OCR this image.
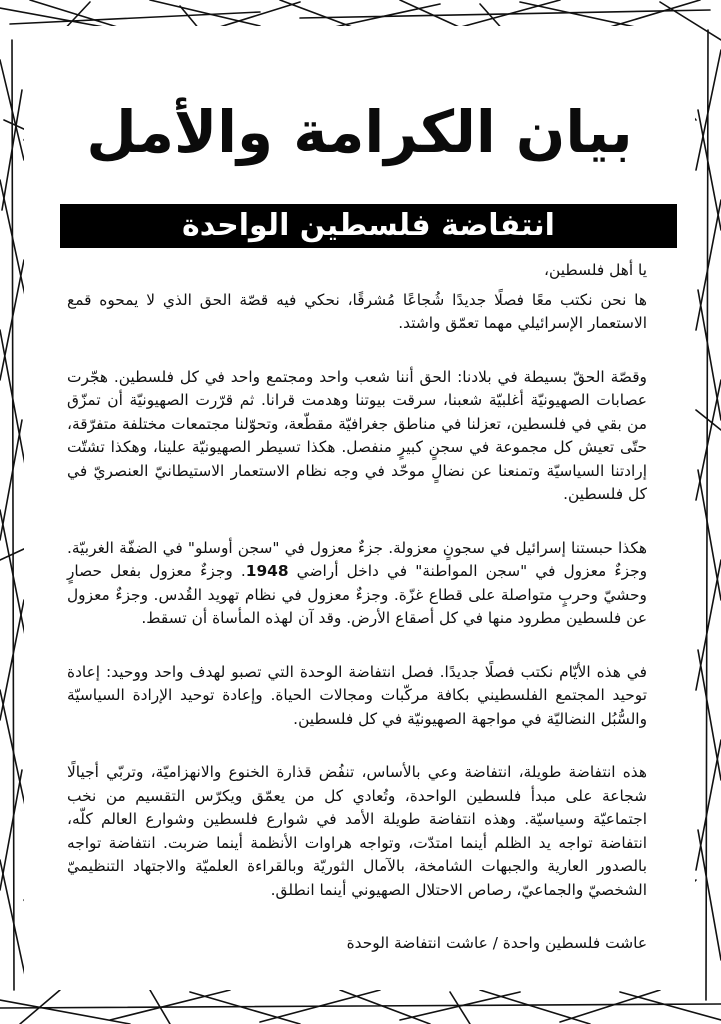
بيان الكرامة والأمل
انتفاضة فلسطين الواحدة

يا أهل فلسطين،

ها نحن نكتب معًا فصلًا جديدًا شُجاعًا مُشرقًا، نحكي فيه قصّة الحق الذي لا يمحوه قمع الاستعمار الإسرائيلي مهما تعمّق واشتد.

وقصّة الحقّ بسيطة في بلادنا: الحق أننا شعب واحد ومجتمع واحد في كل فلسطين. هجّرت عصابات الصهيونيّة أغلبيّة شعبنا، سرقت بيوتنا وهدمت قرانا. ثم قرّرت الصهيونيّة أن تمزّق من بقي في فلسطين، تعزلنا في مناطق جغرافيّة مقطّعة، وتحوّلنا مجتمعات مختلفة متفرّقة، حتّى تعيش كل مجموعة في سجنٍ كبيرٍ منفصل. هكذا تسيطر الصهيونيّة علينا، وهكذا تشتّت إرادتنا السياسيّة وتمنعنا عن نضالٍ موحّد في وجه نظام الاستعمار الاستيطانيّ العنصريّ في كل فلسطين.

هكذا حبستنا إسرائيل في سجونٍ معزولة. جزءٌ معزول في "سجن أوسلو" في الضفّة الغربيّة. وجزءٌ معزول في "سجن المواطنة" في داخل أراضي 1948. وجزءٌ معزول بفعل حصارٍ وحشيّ وحربٍ متواصلة على قطاع غزّة. وجزءٌ معزول في نظام تهويد القُدس. وجزءٌ معزول عن فلسطين مطرود منها في كل أصقاع الأرض. وقد آن لهذه المأساة أن تسقط.

في هذه الأيّام نكتب فصلًا جديدًا. فصل انتفاضة الوحدة التي تصبو لهدف واحد ووحيد: إعادة توحيد المجتمع الفلسطيني بكافة مركّبات ومجالات الحياة. وإعادة توحيد الإرادة السياسيّة والسُّبُل النضاليّة في مواجهة الصهيونيّة في كل فلسطين.

هذه انتفاضة طويلة، انتفاضة وعي بالأساس، تنفُض قذارة الخنوع والانهزاميّة، وتربّي أجيالًا شجاعة على مبدأ فلسطين الواحدة، وتُعادي كل من يعمّق ويكرّس التقسيم من نخب اجتماعيّة وسياسيّة. وهذه انتفاضة طويلة الأمد في شوارع فلسطين وشوارع العالم كلّه، انتفاضة تواجه يد الظلم أينما امتدّت، وتواجه هراوات الأنظمة أينما ضربت. انتفاضة تواجه بالصدور العارية والجبهات الشامخة، بالآمال الثوريّة وبالقراءة العلميّة والاجتهاد التنظيميّ الشخصيّ والجماعيّ، رصاص الاحتلال الصهيوني أينما انطلق.

عاشت فلسطين واحدة / عاشت انتفاضة الوحدة
